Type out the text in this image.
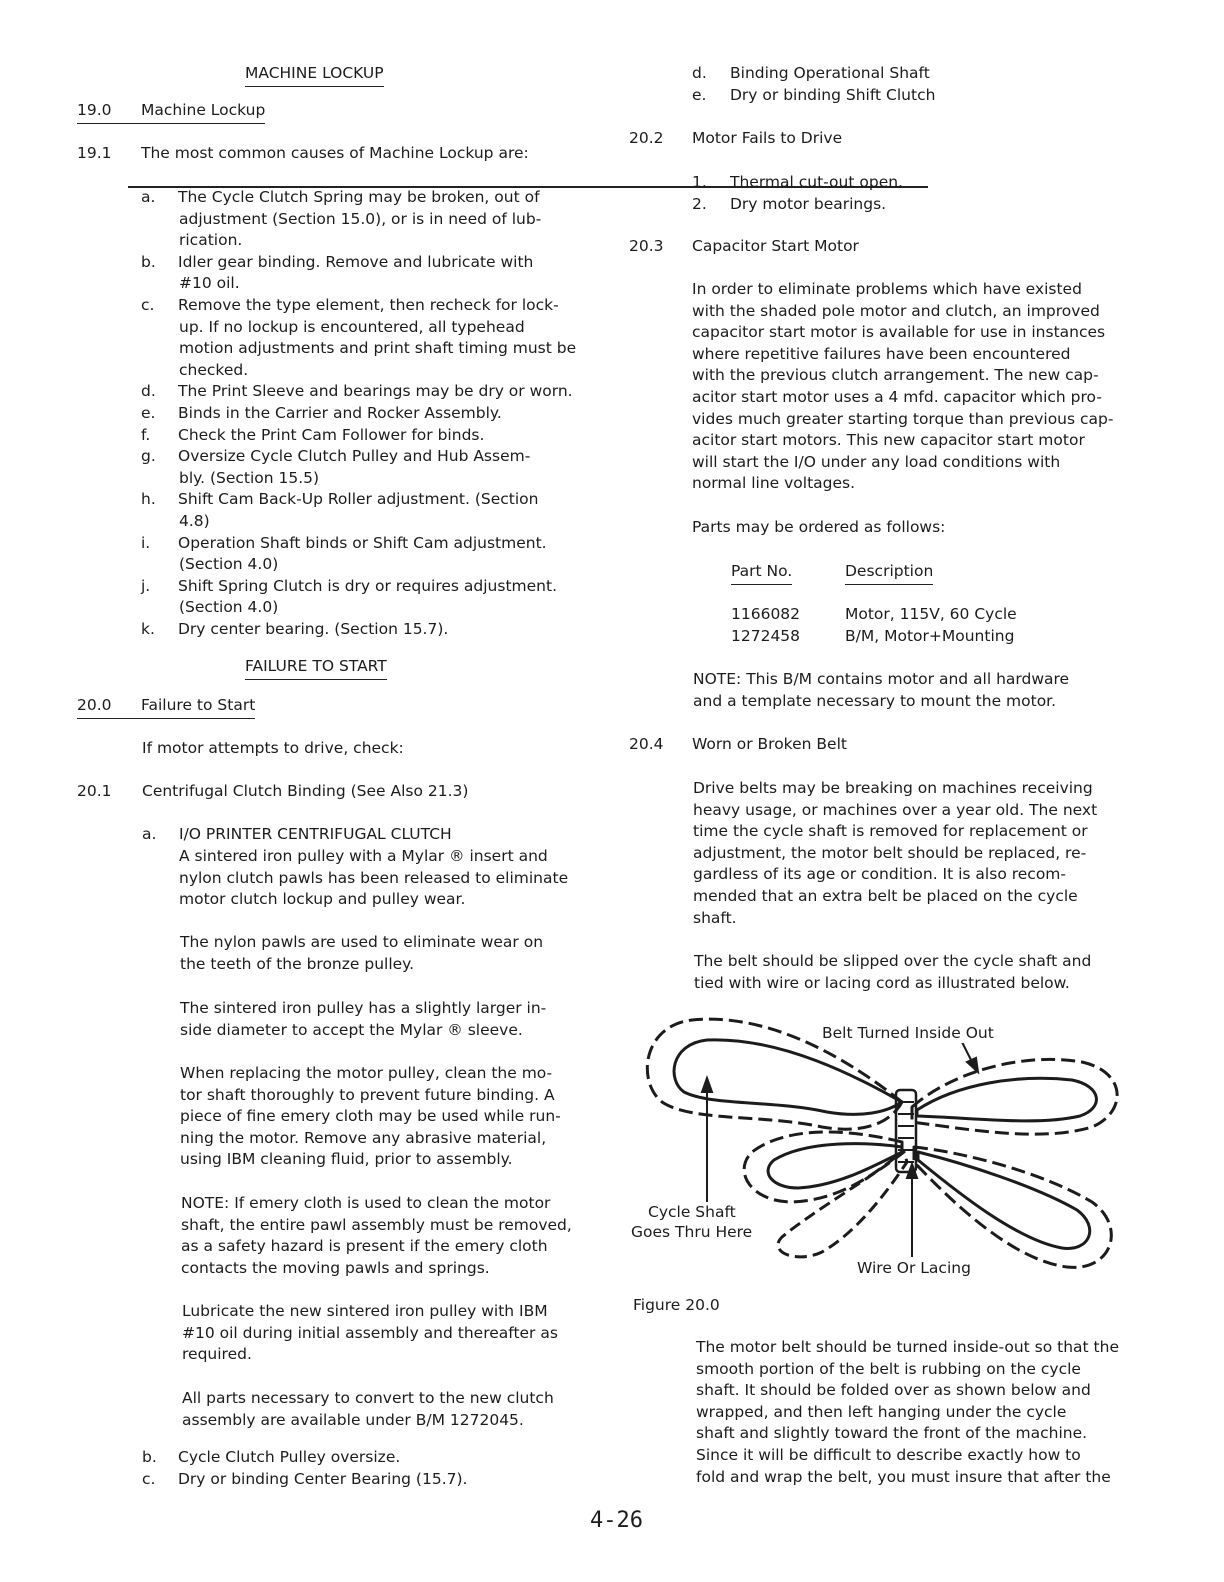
MACHINE LOCKUP
19.0 Machine Lockup
19.1 The most common causes of Machine Lockup are:
a. The Cycle Clutch Spring may be broken, out of
adjustment (Section 15.0), or is in need of lub-
rication.
b. Idler gear binding. Remove and lubricate with
#10 oil.
c. Remove the type element, then recheck for lock-
up. If no lockup is encountered, all typehead
motion adjustments and print shaft timing must be
checked.
d. The Print Sleeve and bearings may be dry or worn.
e. Binds in the Carrier and Rocker Assembly.
f. Check the Print Cam Follower for binds.
g. Oversize Cycle Clutch Pulley and Hub Assem-
bly. (Section 15.5)
h. Shift Cam Back-Up Roller adjustment. (Section
4.8)
i. Operation Shaft binds or Shift Cam adjustment.
(Section 4.0)
j. Shift Spring Clutch is dry or requires adjustment.
(Section 4.0)
k. Dry center bearing. (Section 15.7).
FAILURE TO START
20.0 Failure to Start
If motor attempts to drive, check:
20.1 Centrifugal Clutch Binding (See Also 21.3)
a. I/O PRINTER CENTRIFUGAL CLUTCH
A sintered iron pulley with a Mylar ® insert and
nylon clutch pawls has been released to eliminate
motor clutch lockup and pulley wear.
The nylon pawls are used to eliminate wear on
the teeth of the bronze pulley.
The sintered iron pulley has a slightly larger in-
side diameter to accept the Mylar ® sleeve.
When replacing the motor pulley, clean the mo-
tor shaft thoroughly to prevent future binding. A
piece of fine emery cloth may be used while run-
ning the motor. Remove any abrasive material,
using IBM cleaning fluid, prior to assembly.
NOTE: If emery cloth is used to clean the motor
shaft, the entire pawl assembly must be removed,
as a safety hazard is present if the emery cloth
contacts the moving pawls and springs.
Lubricate the new sintered iron pulley with IBM
#10 oil during initial assembly and thereafter as
required.
All parts necessary to convert to the new clutch
assembly are available under B/M 1272045.
b. Cycle Clutch Pulley oversize.
c. Dry or binding Center Bearing (15.7).
d. Binding Operational Shaft
e. Dry or binding Shift Clutch
20.2 Motor Fails to Drive
1. Thermal cut-out open.
2. Dry motor bearings.
20.3 Capacitor Start Motor
In order to eliminate problems which have existed
with the shaded pole motor and clutch, an improved
capacitor start motor is available for use in instances
where repetitive failures have been encountered
with the previous clutch arrangement. The new cap-
acitor start motor uses a 4 mfd. capacitor which pro-
vides much greater starting torque than previous cap-
acitor start motors. This new capacitor start motor
will start the I/O under any load conditions with
normal line voltages.
Parts may be ordered as follows:
Part No.	Description
1166082	Motor, 115V, 60 Cycle
1272458	B/M, Motor+Mounting
NOTE: This B/M contains motor and all hardware
and a template necessary to mount the motor.
20.4 Worn or Broken Belt
Drive belts may be breaking on machines receiving
heavy usage, or machines over a year old. The next
time the cycle shaft is removed for replacement or
adjustment, the motor belt should be replaced, re-
gardless of its age or condition. It is also recom-
mended that an extra belt be placed on the cycle
shaft.
The belt should be slipped over the cycle shaft and
tied with wire or lacing cord as illustrated below.
Belt Turned Inside Out
Cycle Shaft
Goes Thru Here
Wire Or Lacing
Figure 20.0
The motor belt should be turned inside-out so that the
smooth portion of the belt is rubbing on the cycle
shaft. It should be folded over as shown below and
wrapped, and then left hanging under the cycle
shaft and slightly toward the front of the machine.
Since it will be difficult to describe exactly how to
fold and wrap the belt, you must insure that after the
4-26
